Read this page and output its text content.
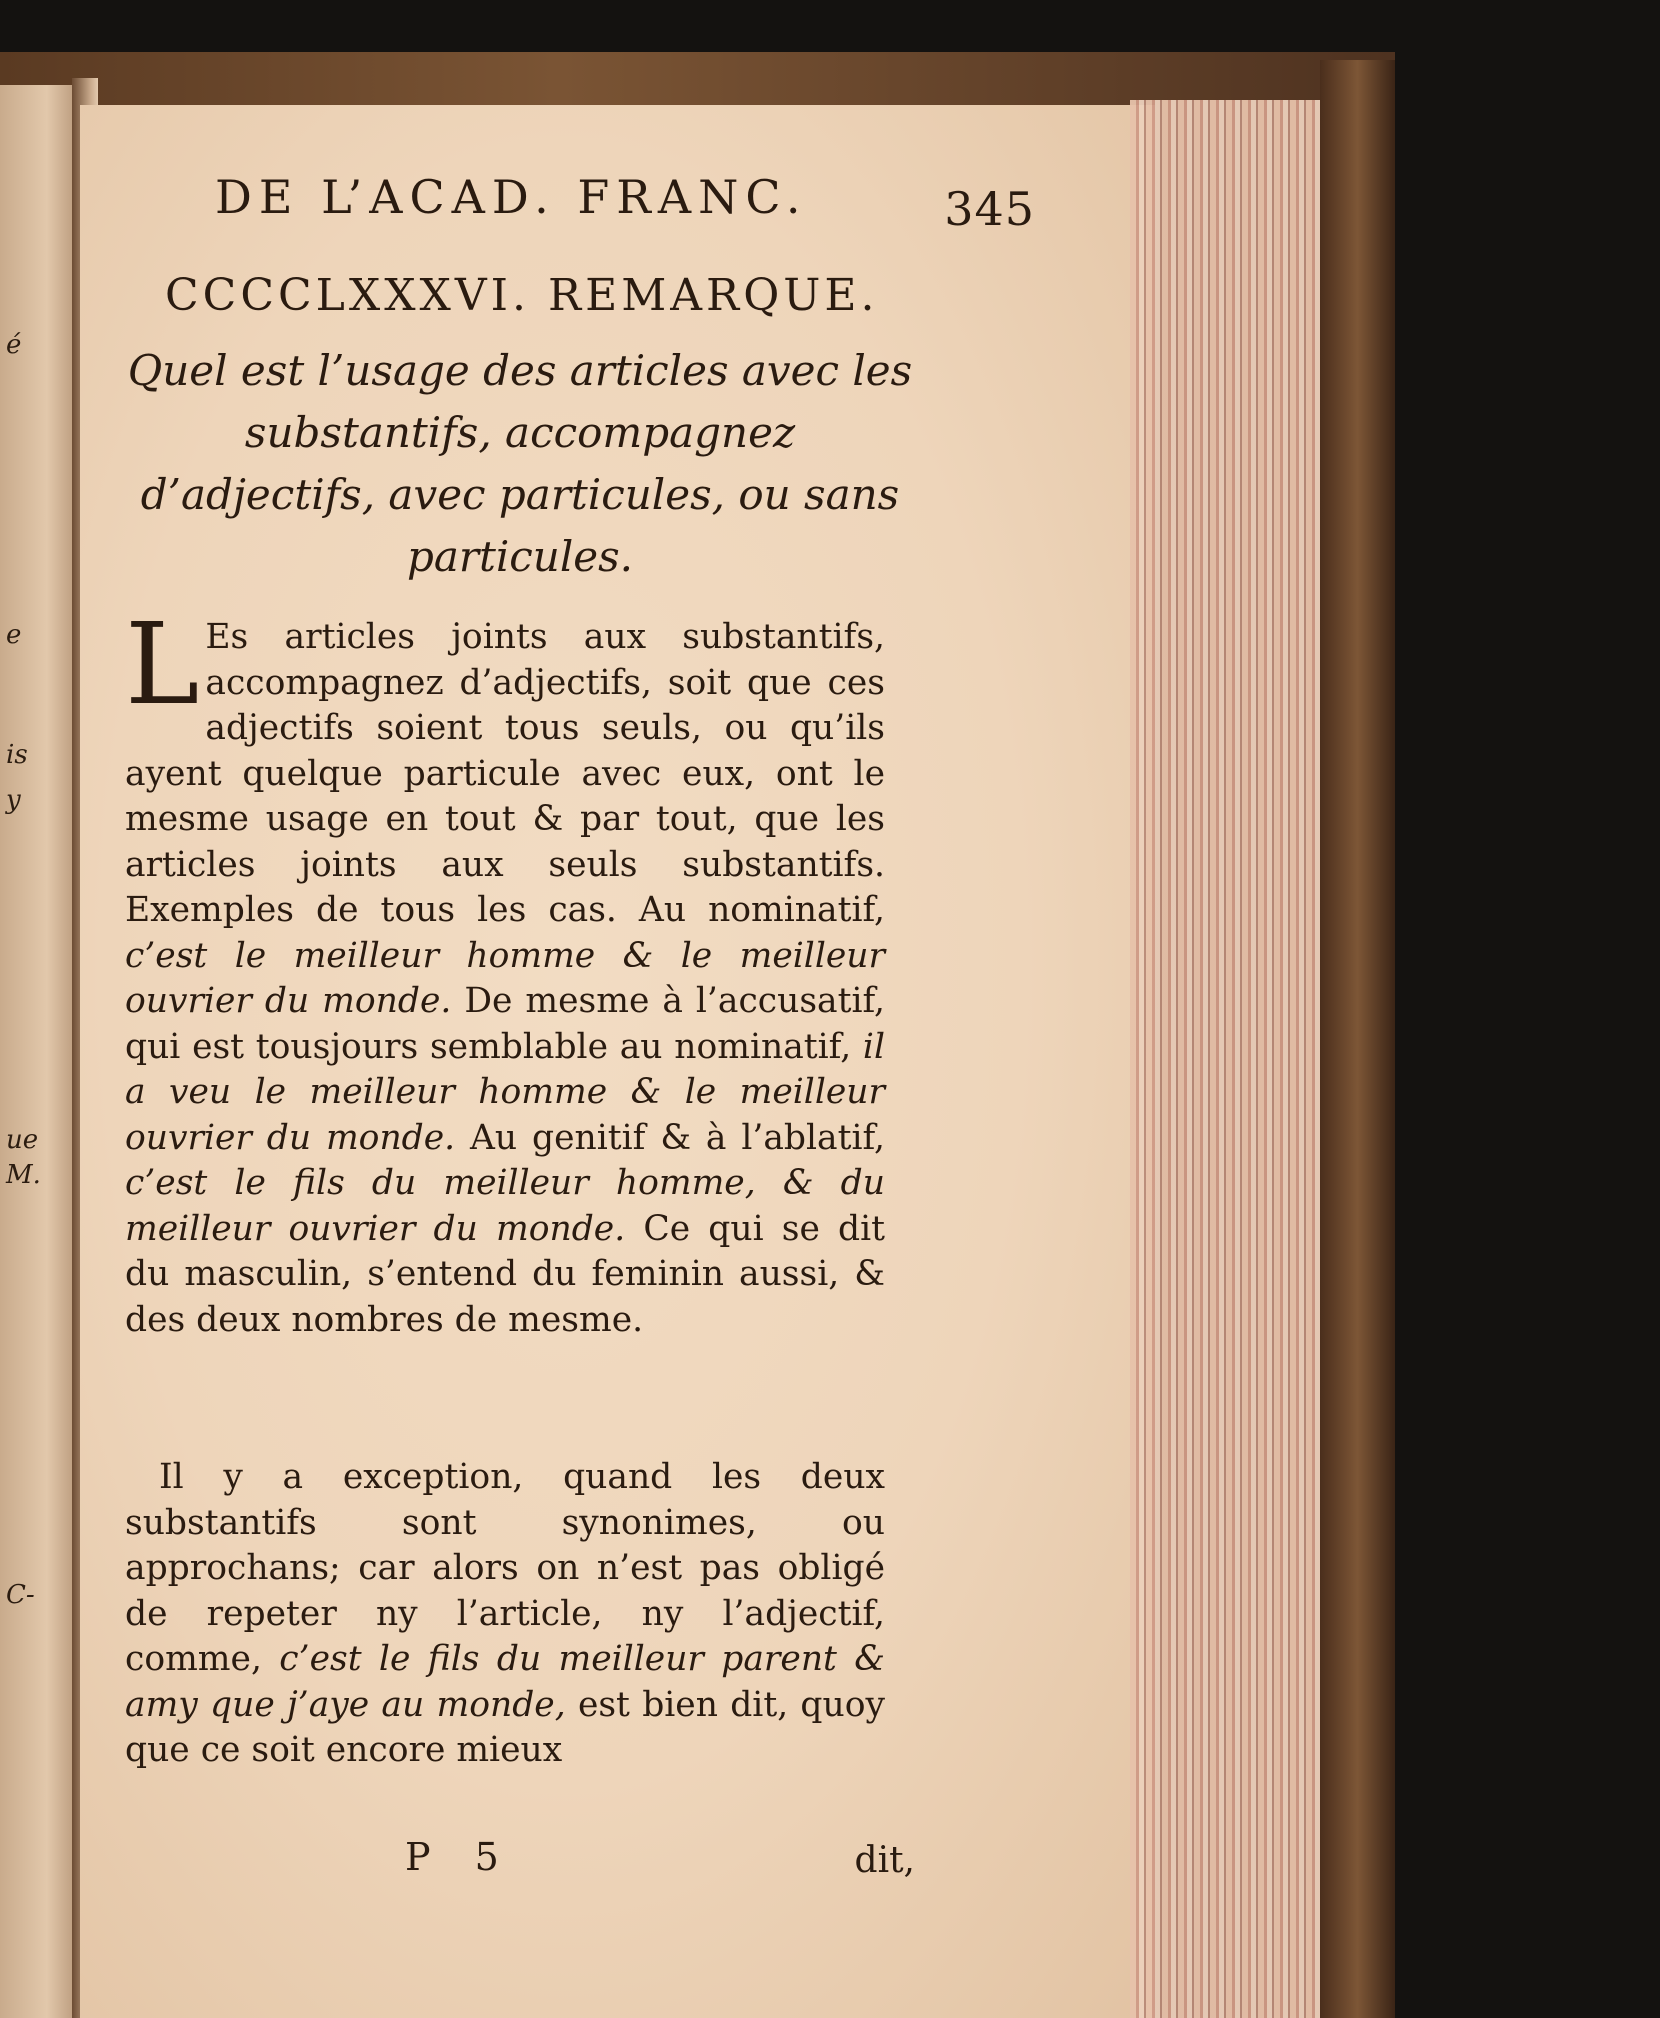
é
e
is
y
ue
M.
C-
DE L’ACAD. FRANC.	345
CCCCLXXXVI. REMARQUE.
Quel est l’usage des articles avec les substantifs, accompagnez d’adjectifs, avec particules, ou sans particules.
L Es articles joints aux substantifs, accompagnez d’adjectifs, soit que ces adjectifs soient tous seuls, ou qu’ils ayent quelque particule avec eux, ont le mesme usage en tout & par tout, que les articles joints aux seuls substantifs. Exemples de tous les cas. Au nominatif, c’est le meilleur homme & le meilleur ouvrier du monde. De mesme à l’accusatif, qui est tousjours semblable au nominatif, il a veu le meilleur homme & le meilleur ouvrier du monde. Au genitif & à l’ablatif, c’est le fils du meilleur homme, & du meilleur ouvrier du monde. Ce qui se dit du masculin, s’entend du feminin aussi, & des deux nombres de mesme.
Il y a exception, quand les deux substantifs sont synonimes, ou approchans; car alors on n’est pas obligé de repeter ny l’article, ny l’adjectif, comme, c’est le fils du meilleur parent & amy que j’aye au monde, est bien dit, quoy que ce soit encore mieux
P 5	dit,
